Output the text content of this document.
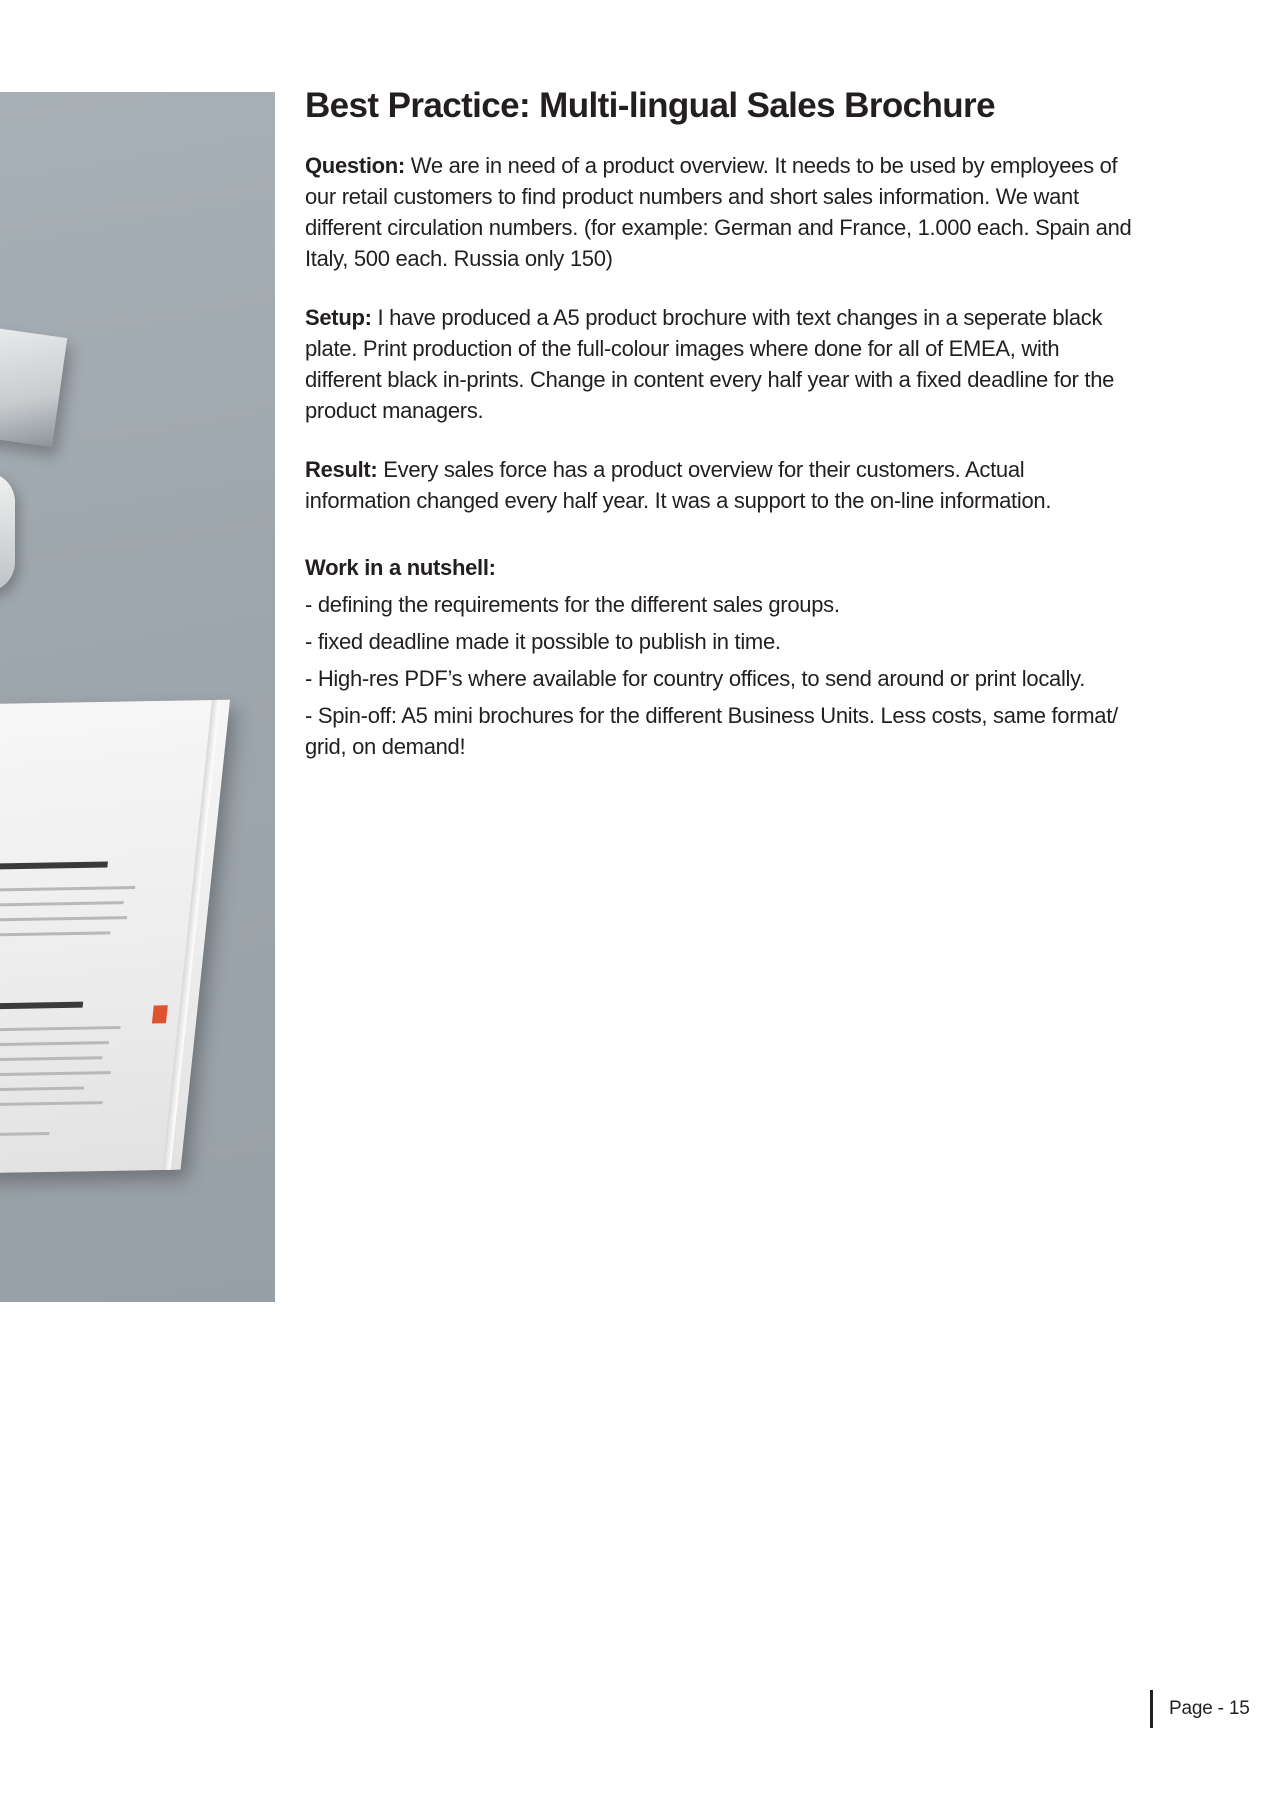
Best Practice: Multi-lingual Sales Brochure

Question: We are in need of a product overview. It needs to be used by employees of our retail customers to find product numbers and short sales information. We want different circulation numbers. (for example: German and France, 1.000 each. Spain and Italy, 500 each. Russia only 150)

Setup: I have produced a A5 product brochure with text changes in a seperate black plate. Print production of the full-colour images where done for all of EMEA, with different black in-prints. Change in content every half year with a fixed deadline for the product managers.

Result: Every sales force has a product overview for their customers. Actual information changed every half year. It was a support to the on-line information.

Work in a nutshell:
- defining the requirements for the different sales groups.
- fixed deadline made it possible to publish in time.
- High-res PDF’s where available for country offices, to send around or print locally.
- Spin-off: A5 mini brochures for the different Business Units. Less costs, same format/ grid, on demand!
Page - 15
